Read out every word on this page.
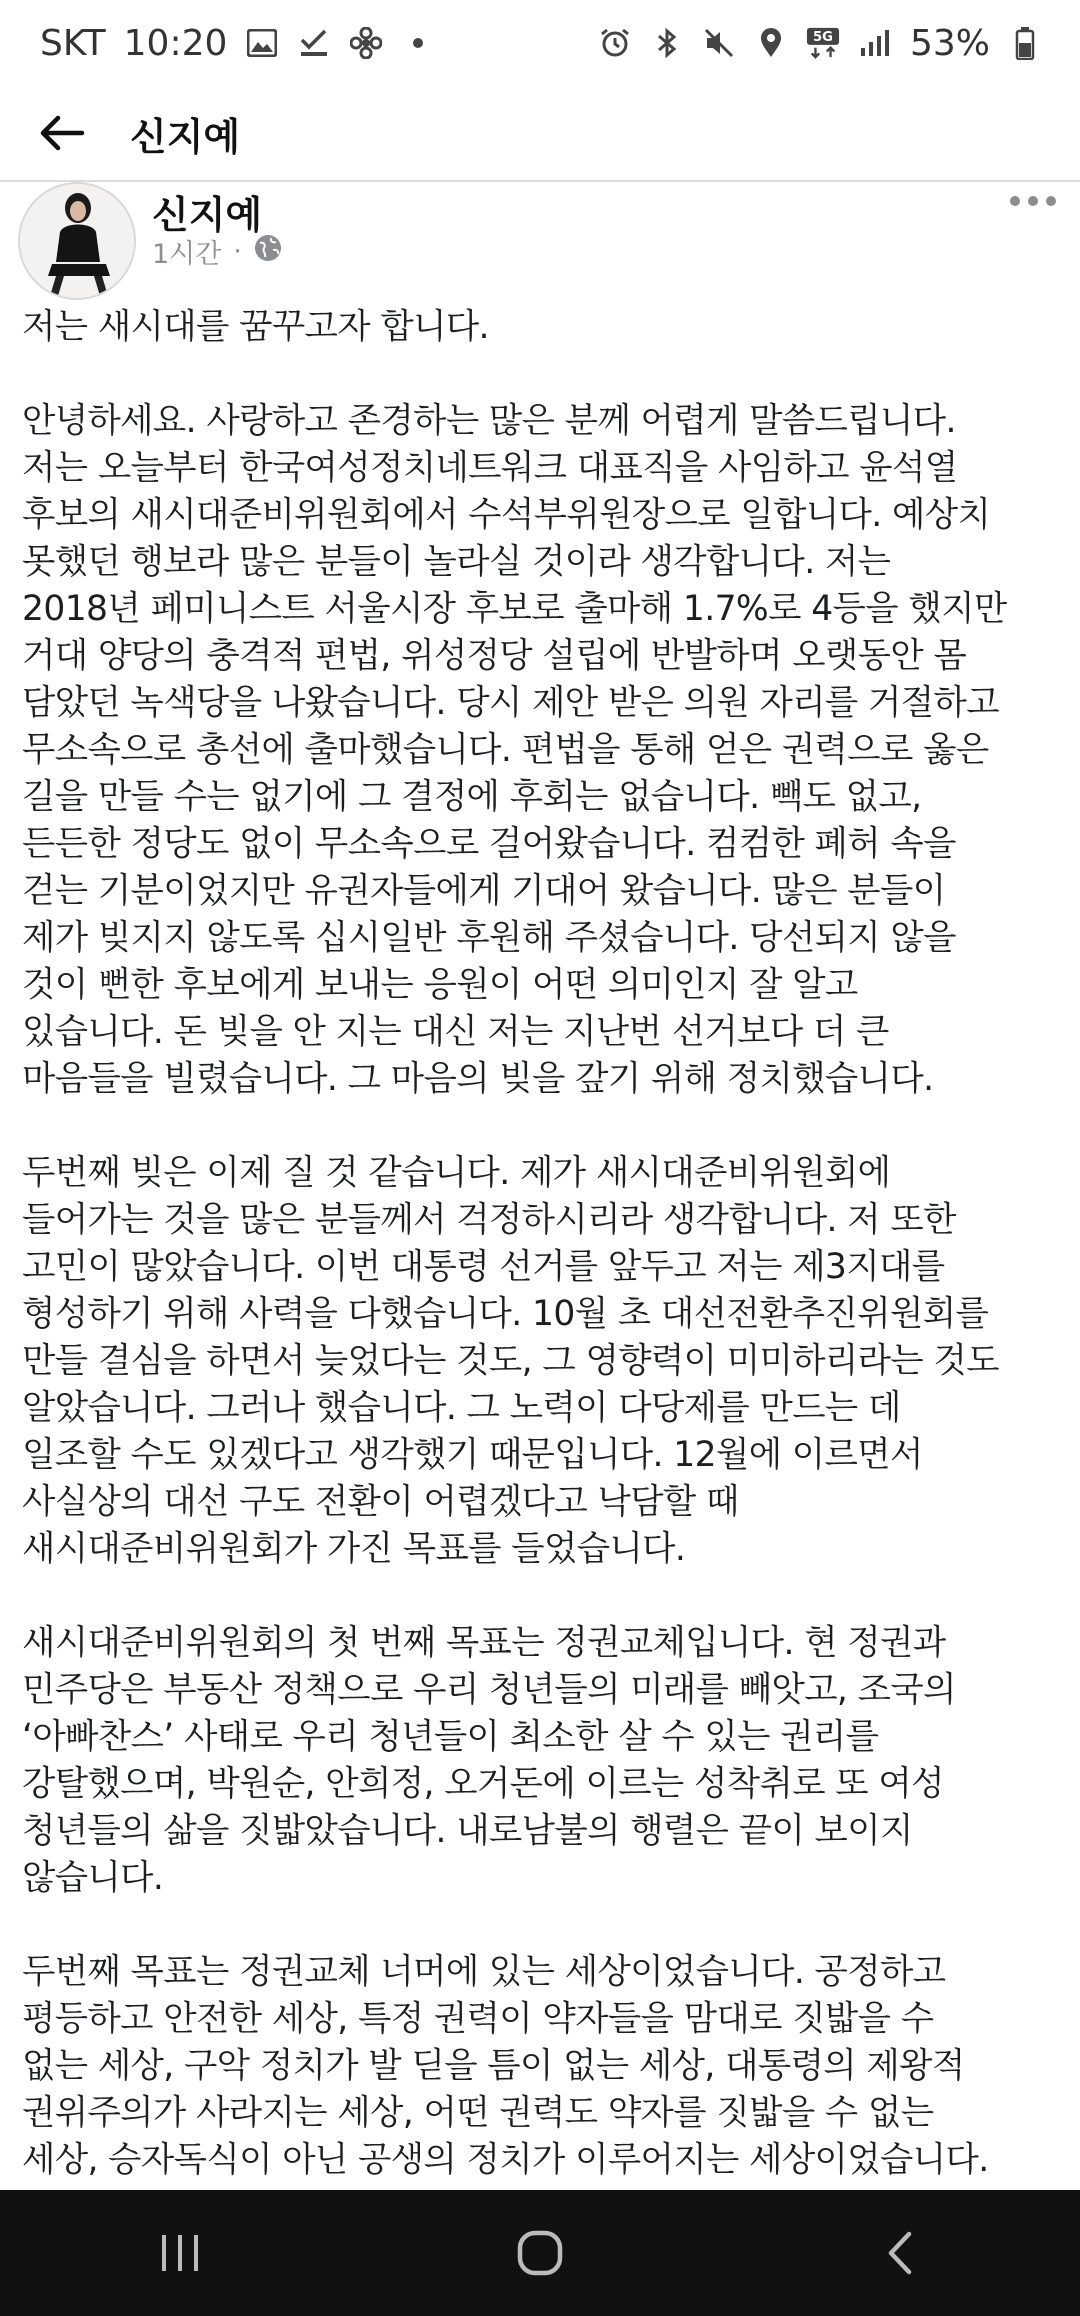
SKT 10:20	5G 53%
신지예
신지예
1시간 ·

저는 새시대를 꿈꾸고자 합니다.

안녕하세요. 사랑하고 존경하는 많은 분께 어렵게 말씀드립니다.
저는 오늘부터 한국여성정치네트워크 대표직을 사임하고 윤석열
후보의 새시대준비위원회에서 수석부위원장으로 일합니다. 예상치
못했던 행보라 많은 분들이 놀라실 것이라 생각합니다. 저는
2018년 페미니스트 서울시장 후보로 출마해 1.7%로 4등을 했지만
거대 양당의 충격적 편법, 위성정당 설립에 반발하며 오랫동안 몸
담았던 녹색당을 나왔습니다. 당시 제안 받은 의원 자리를 거절하고
무소속으로 총선에 출마했습니다. 편법을 통해 얻은 권력으로 옳은
길을 만들 수는 없기에 그 결정에 후회는 없습니다. 빽도 없고,
든든한 정당도 없이 무소속으로 걸어왔습니다. 컴컴한 폐허 속을
걷는 기분이었지만 유권자들에게 기대어 왔습니다. 많은 분들이
제가 빚지지 않도록 십시일반 후원해 주셨습니다. 당선되지 않을
것이 뻔한 후보에게 보내는 응원이 어떤 의미인지 잘 알고
있습니다. 돈 빚을 안 지는 대신 저는 지난번 선거보다 더 큰
마음들을 빌렸습니다. 그 마음의 빚을 갚기 위해 정치했습니다.

두번째 빚은 이제 질 것 같습니다. 제가 새시대준비위원회에
들어가는 것을 많은 분들께서 걱정하시리라 생각합니다. 저 또한
고민이 많았습니다. 이번 대통령 선거를 앞두고 저는 제3지대를
형성하기 위해 사력을 다했습니다. 10월 초 대선전환추진위원회를
만들 결심을 하면서 늦었다는 것도, 그 영향력이 미미하리라는 것도
알았습니다. 그러나 했습니다. 그 노력이 다당제를 만드는 데
일조할 수도 있겠다고 생각했기 때문입니다. 12월에 이르면서
사실상의 대선 구도 전환이 어렵겠다고 낙담할 때
새시대준비위원회가 가진 목표를 들었습니다.

새시대준비위원회의 첫 번째 목표는 정권교체입니다. 현 정권과
민주당은 부동산 정책으로 우리 청년들의 미래를 빼앗고, 조국의
‘아빠찬스’ 사태로 우리 청년들이 최소한 살 수 있는 권리를
강탈했으며, 박원순, 안희정, 오거돈에 이르는 성착취로 또 여성
청년들의 삶을 짓밟았습니다. 내로남불의 행렬은 끝이 보이지
않습니다.

두번째 목표는 정권교체 너머에 있는 세상이었습니다. 공정하고
평등하고 안전한 세상, 특정 권력이 약자들을 맘대로 짓밟을 수
없는 세상, 구악 정치가 발 딛을 틈이 없는 세상, 대통령의 제왕적
권위주의가 사라지는 세상, 어떤 권력도 약자를 짓밟을 수 없는
세상, 승자독식이 아닌 공생의 정치가 이루어지는 세상이었습니다.
